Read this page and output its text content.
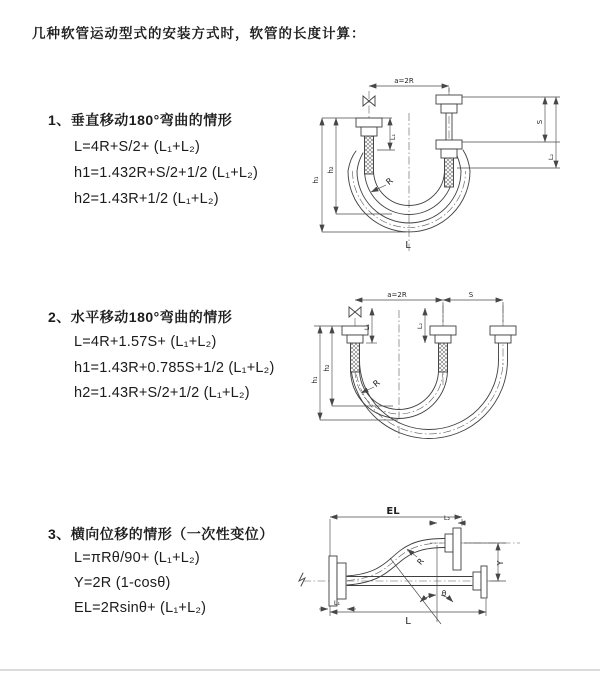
几种软管运动型式的安装方式时，软管的长度计算：
1、垂直移动180°弯曲的情形
L=4R+S/2+ (L₁+L₂)
h1=1.432R+S/2+1/2 (L₁+L₂)
h2=1.43R+1/2 (L₁+L₂)
2、水平移动180°弯曲的情形
L=4R+1.57S+ (L₁+L₂)
h1=1.43R+0.785S+1/2 (L₁+L₂)
h2=1.43R+S/2+1/2 (L₁+L₂)
3、横向位移的情形（一次性变位）
L=πRθ/90+ (L₁+L₂)
Y=2R (1-cosθ)
EL=2Rsinθ+ (L₁+L₂)
a=2R
h₁
h₂
L₁
S
L₂
R
L
a=2R	S
h₁
h₂
L₁	L₂
R
EL
L₂
Y
L₁
L
R
θ
